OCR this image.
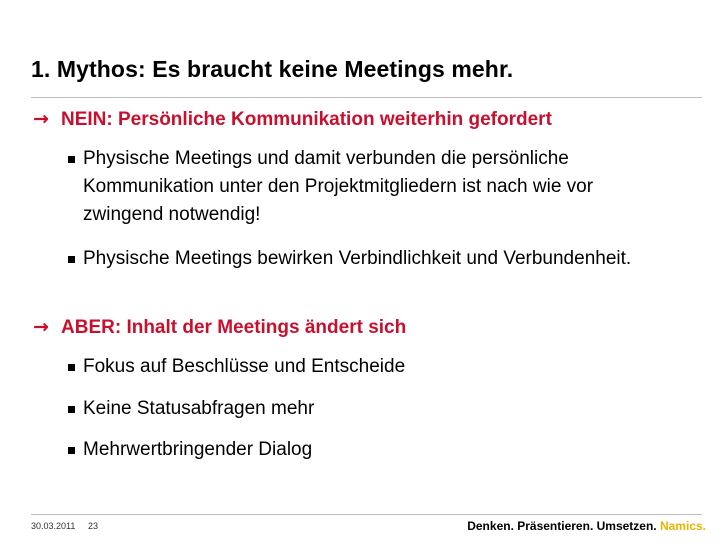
1. Mythos: Es braucht keine Meetings mehr.
→ NEIN: Persönliche Kommunikation weiterhin gefordert
Physische Meetings und damit verbunden die persönliche Kommunikation unter den Projektmitgliedern ist nach wie vor zwingend notwendig!
Physische Meetings bewirken Verbindlichkeit und Verbundenheit.
→ ABER: Inhalt der Meetings ändert sich
Fokus auf Beschlüsse und Entscheide
Keine Statusabfragen mehr
Mehrwertbringender Dialog
30.03.2011 23	Denken. Präsentieren. Umsetzen. Namics.
